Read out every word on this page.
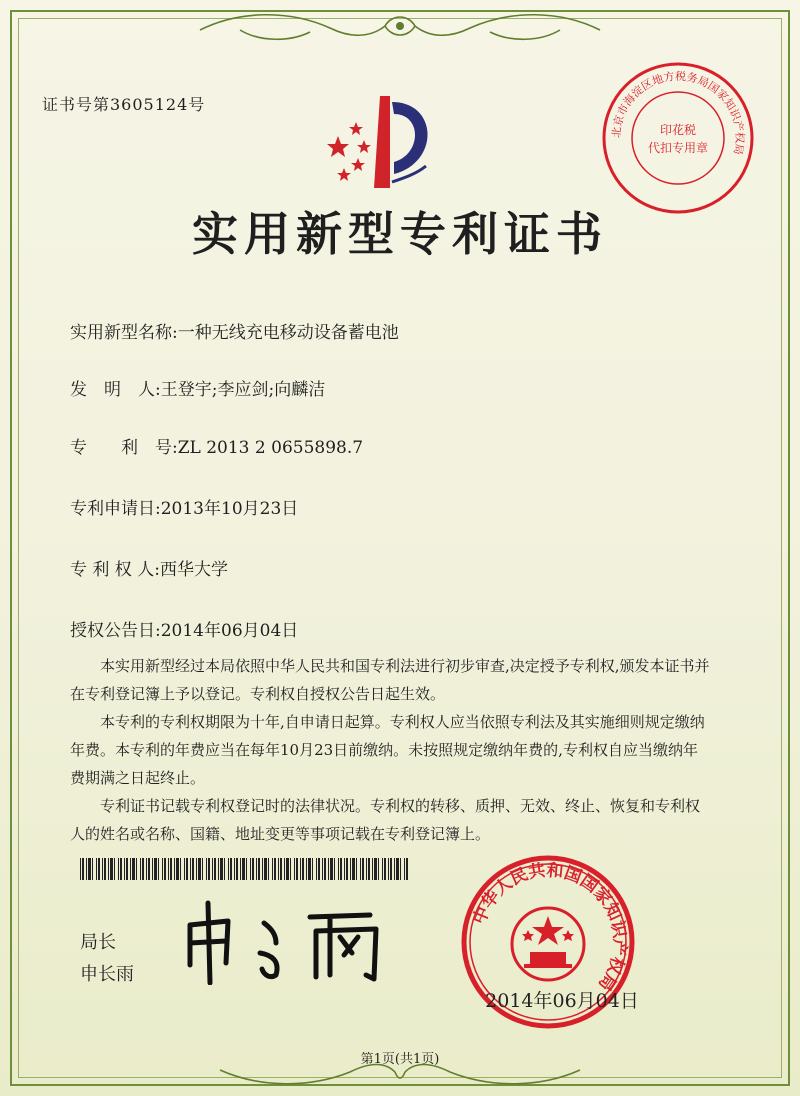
证书号第3605124号
北京市海淀区地方税务局国家知识产权局
印花税
代扣专用章
实用新型专利证书
实用新型名称:一种无线充电移动设备蓄电池
发　明　人:王登宇;李应剑;向麟洁
专　　利　号:ZL 2013 2 0655898.7
专利申请日:2013年10月23日
专 利 权 人:西华大学
授权公告日:2014年06月04日

本实用新型经过本局依照中华人民共和国专利法进行初步审查,决定授予专利权,颁发本证书并在专利登记簿上予以登记。专利权自授权公告日起生效。

本专利的专利权期限为十年,自申请日起算。专利权人应当依照专利法及其实施细则规定缴纳年费。本专利的年费应当在每年10月23日前缴纳。未按照规定缴纳年费的,专利权自应当缴纳年费期满之日起终止。

专利证书记载专利权登记时的法律状况。专利权的转移、质押、无效、终止、恢复和专利权人的姓名或名称、国籍、地址变更等事项记载在专利登记簿上。

局长
申长雨
中华人民共和国国家知识产权局
2014年06月04日
第1页(共1页)
